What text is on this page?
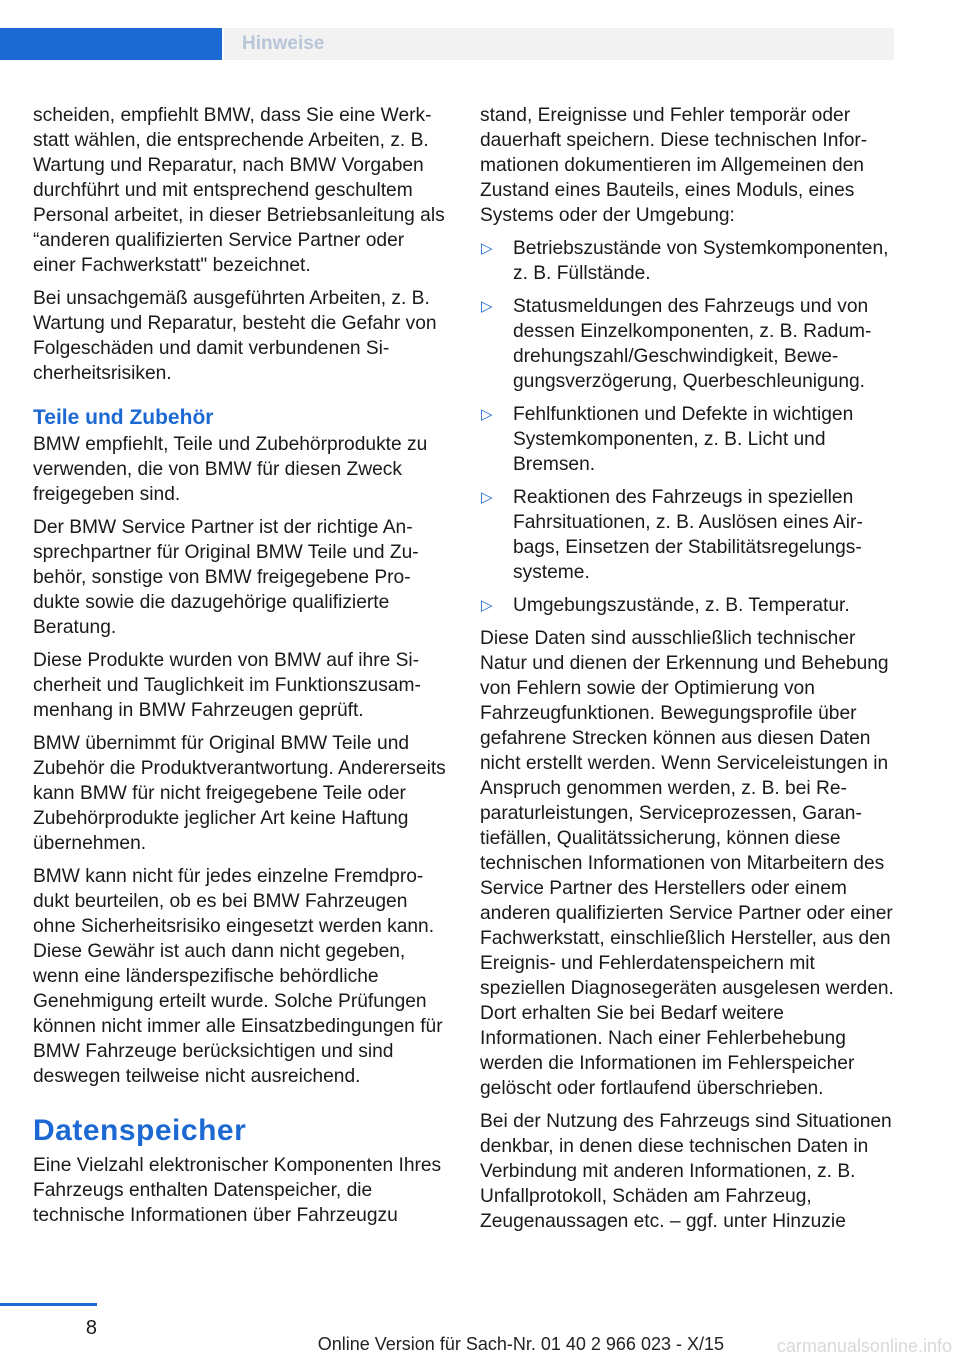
Hinweise

scheiden, empfiehlt BMW, dass Sie eine Werkstatt wählen, die entsprechende Arbeiten, z. B. Wartung und Reparatur, nach BMW Vorgaben durchführt und mit entsprechend geschultem Personal arbeitet, in dieser Betriebsanleitung als “anderen qualifizierten Service Partner oder einer Fachwerkstatt" bezeichnet.

Bei unsachgemäß ausgeführten Arbeiten, z. B. Wartung und Reparatur, besteht die Gefahr von Folgeschäden und damit verbundenen Sicherheitsrisiken.

Teile und Zubehör

BMW empfiehlt, Teile und Zubehörprodukte zu verwenden, die von BMW für diesen Zweck freigegeben sind.

Der BMW Service Partner ist der richtige Ansprechpartner für Original BMW Teile und Zubehör, sonstige von BMW freigegebene Produkte sowie die dazugehörige qualifizierte Beratung.

Diese Produkte wurden von BMW auf ihre Sicherheit und Tauglichkeit im Funktionszusammenhang in BMW Fahrzeugen geprüft.

BMW übernimmt für Original BMW Teile und Zubehör die Produktverantwortung. Andererseits kann BMW für nicht freigegebene Teile oder Zubehörprodukte jeglicher Art keine Haftung übernehmen.

BMW kann nicht für jedes einzelne Fremdprodukt beurteilen, ob es bei BMW Fahrzeugen ohne Sicherheitsrisiko eingesetzt werden kann. Diese Gewähr ist auch dann nicht gegeben, wenn eine länderspezifische behördliche Genehmigung erteilt wurde. Solche Prüfungen können nicht immer alle Einsatzbedingungen für BMW Fahrzeuge berücksichtigen und sind deswegen teilweise nicht ausreichend.

Datenspeicher

Eine Vielzahl elektronischer Komponenten Ihres Fahrzeugs enthalten Datenspeicher, die technische Informationen über Fahrzeugzu

stand, Ereignisse und Fehler temporär oder dauerhaft speichern. Diese technischen Informationen dokumentieren im Allgemeinen den Zustand eines Bauteils, eines Moduls, eines Systems oder der Umgebung:

▷ Betriebszustände von Systemkomponenten, z. B. Füllstände.
▷ Statusmeldungen des Fahrzeugs und von dessen Einzelkomponenten, z. B. Radumdrehungszahl/Geschwindigkeit, Bewegungsverzögerung, Querbeschleunigung.
▷ Fehlfunktionen und Defekte in wichtigen Systemkomponenten, z. B. Licht und Bremsen.
▷ Reaktionen des Fahrzeugs in speziellen Fahrsituationen, z. B. Auslösen eines Airbags, Einsetzen der Stabilitätsregelungssysteme.
▷ Umgebungszustände, z. B. Temperatur.

Diese Daten sind ausschließlich technischer Natur und dienen der Erkennung und Behebung von Fehlern sowie der Optimierung von Fahrzeugfunktionen. Bewegungsprofile über gefahrene Strecken können aus diesen Daten nicht erstellt werden. Wenn Serviceleistungen in Anspruch genommen werden, z. B. bei Reparaturleistungen, Serviceprozessen, Garantiefällen, Qualitätssicherung, können diese technischen Informationen von Mitarbeitern des Service Partner des Herstellers oder einem anderen qualifizierten Service Partner oder einer Fachwerkstatt, einschließlich Hersteller, aus den Ereignis- und Fehlerdatenspeichern mit speziellen Diagnosegeräten ausgelesen werden. Dort erhalten Sie bei Bedarf weitere Informationen. Nach einer Fehlerbehebung werden die Informationen im Fehlerspeicher gelöscht oder fortlaufend überschrieben.

Bei der Nutzung des Fahrzeugs sind Situationen denkbar, in denen diese technischen Daten in Verbindung mit anderen Informationen, z. B. Unfallprotokoll, Schäden am Fahrzeug, Zeugenaussagen etc. – ggf. unter Hinzuzie

8
Online Version für Sach-Nr. 01 40 2 966 023 - X/15	carmanualsonline.info
